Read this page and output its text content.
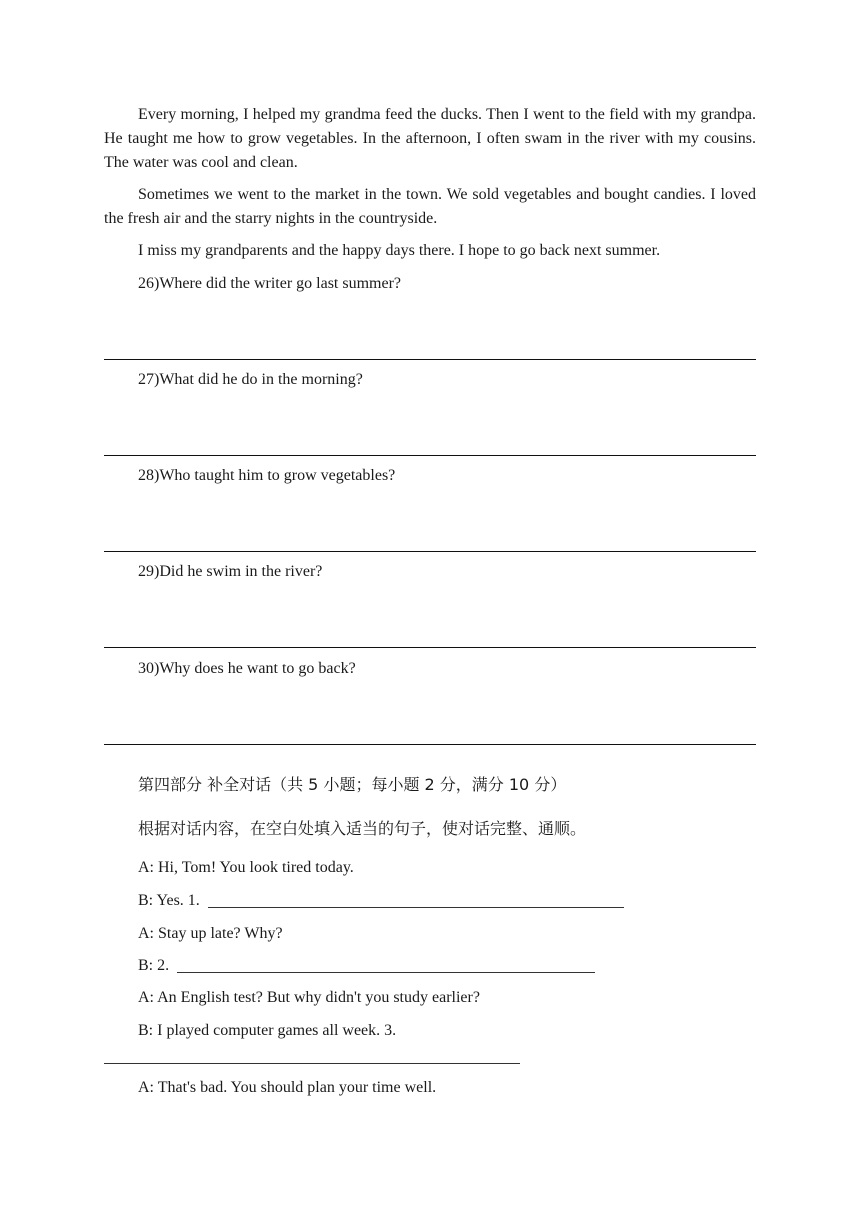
Every morning, I helped my grandma feed the ducks. Then I went to the field with my grandpa. He taught me how to grow vegetables. In the afternoon, I often swam in the river with my cousins. The water was cool and clean.
Sometimes we went to the market in the town. We sold vegetables and bought candies. I loved the fresh air and the starry nights in the countryside.
I miss my grandparents and the happy days there. I hope to go back next summer.
26)Where did the writer go last summer?
27)What did he do in the morning?
28)Who taught him to grow vegetables?
29)Did he swim in the river?
30)Why does he want to go back?
第四部分 补全对话（共 5 小题；每小题 2 分，满分 10 分）
根据对话内容，在空白处填入适当的句子，使对话完整、通顺。
A: Hi, Tom! You look tired today.
B: Yes. 1.
A: Stay up late? Why?
B: 2.
A: An English test? But why didn't you study earlier?
B: I played computer games all week. 3.
A: That's bad. You should plan your time well.
